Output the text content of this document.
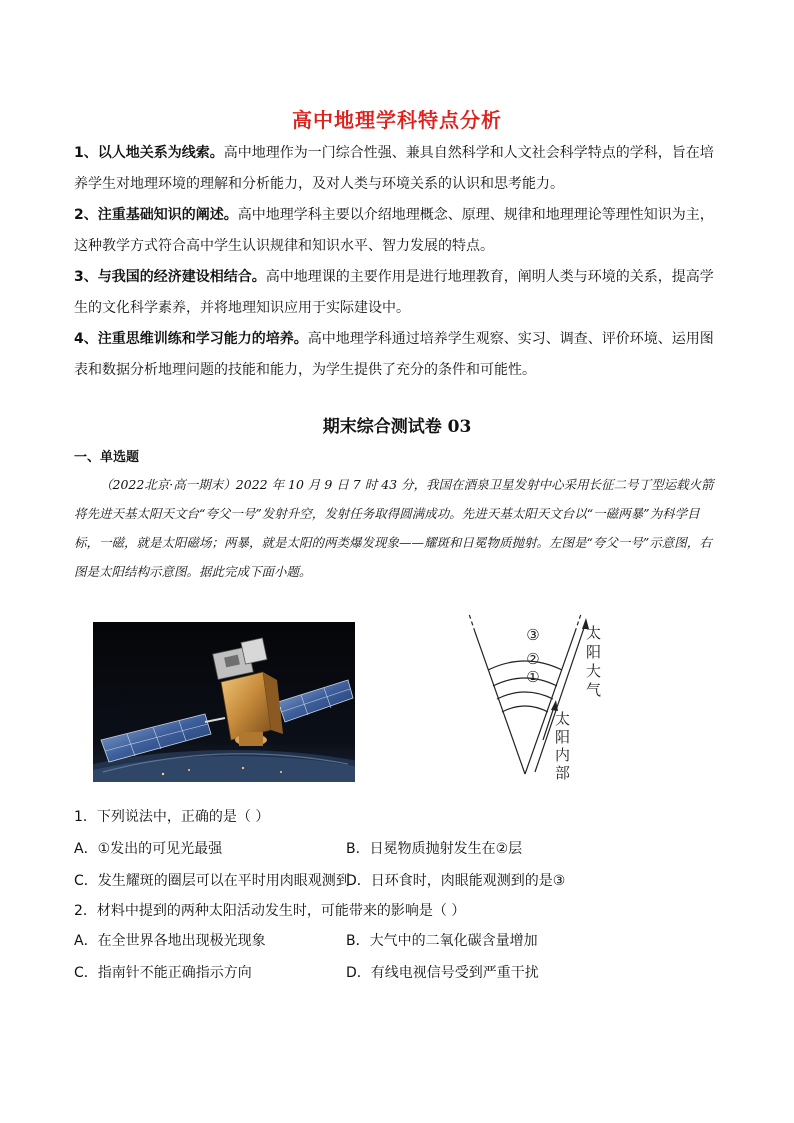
高中地理学科特点分析
1、以人地关系为线索。高中地理作为一门综合性强、兼具自然科学和人文社会科学特点的学科，旨在培养学生对地理环境的理解和分析能力，及对人类与环境关系的认识和思考能力。
2、注重基础知识的阐述。高中地理学科主要以介绍地理概念、原理、规律和地理理论等理性知识为主，这种教学方式符合高中学生认识规律和知识水平、智力发展的特点。
3、与我国的经济建设相结合。高中地理课的主要作用是进行地理教育，阐明人类与环境的关系，提高学生的文化科学素养，并将地理知识应用于实际建设中。
4、注重思维训练和学习能力的培养。高中地理学科通过培养学生观察、实习、调查、评价环境、运用图表和数据分析地理问题的技能和能力，为学生提供了充分的条件和可能性。
期末综合测试卷 03
一、单选题
（2022北京·高一期末）2022 年 10 月 9 日 7 时 43 分，我国在酒泉卫星发射中心采用长征二号丁型运载火箭将先进天基太阳天文台“夸父一号”发射升空，发射任务取得圆满成功。先进天基太阳天文台以“一磁两暴”为科学目标，一磁，就是太阳磁场；两暴，就是太阳的两类爆发现象——耀斑和日冕物质抛射。左图是“夸父一号”示意图，右图是太阳结构示意图。据此完成下面小题。
③
②
①
太阳大气
太阳内部
1．下列说法中，正确的是（ ）
A．①发出的可见光最强	B．日冕物质抛射发生在②层
C．发生耀斑的圈层可以在平时用肉眼观测到
D．日环食时，肉眼能观测到的是③
2．材料中提到的两种太阳活动发生时，可能带来的影响是（ ）
A．在全世界各地出现极光现象	B．大气中的二氧化碳含量增加
C．指南针不能正确指示方向	D．有线电视信号受到严重干扰
